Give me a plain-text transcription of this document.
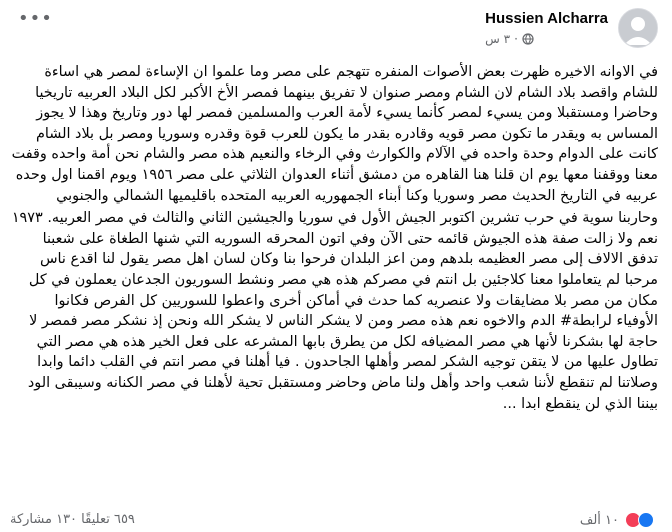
•••	Hussien Alcharra
٣ س ·

في الاوانه الاخيره ظهرت بعض الأصوات المنفره تتهجم على مصر وما علموا ان الإساءة لمصر هي اساءة للشام واقصد بلاد الشام لان الشام ومصر صنوان لا تفريق بينهما فمصر الأخ الأكبر لكل البلاد العربيه تاريخيا وحاضرا ومستقبلا ومن يسيء لمصر كأنما يسيء لأمة العرب والمسلمين فمصر لها دور وتاريخ وهذا لا يجوز المساس به ويقدر ما تكون مصر قويه وقادره بقدر ما يكون للعرب قوة وقدره وسوريا ومصر بل بلاد الشام كانت على الدوام وحدة واحده في الآلام والكوارث وفي الرخاء والنعيم هذه مصر والشام نحن أمة واحده وقفت معنا ووقفنا معها يوم ان قلنا هنا القاهره من دمشق أثناء العدوان الثلاثي على مصر ١٩٥٦ ويوم اقمنا اول وحده عربيه في التاريخ الحديث مصر وسوريا وكنا أبناء الجمهوريه العربيه المتحده باقليميها الشمالي والجنوبي

وحاربنا سوية في حرب تشرين اكتوبر الجيش الأول في سوريا والجيشين الثاني والثالث في مصر العربيه. ١٩٧٣ نعم ولا زالت صفة هذه الجيوش قائمه حتى الآن وفي اتون المحرقه السوريه التي شنها الطغاة على شعبنا تدفق الالاف إلى مصر العظيمه بلدهم ومن اعز البلدان فرحوا بنا وكان لسان اهل مصر يقول لنا اقدع ناس مرحبا لم يتعاملوا معنا كلاجئين بل انتم في مصركم هذه هي مصر ونشط السوريون الجدعان يعملون في كل مكان من مصر بلا مضايقات ولا عنصريه كما حدث في أماكن أخرى واعطوا للسوريين كل الفرص فكانوا الأوفياء لرابطة# الدم والاخوه نعم هذه مصر ومن لا يشكر الناس لا يشكر الله ونحن إذ نشكر مصر فمصر لا حاجة لها بشكرنا لأنها هي مصر المضيافه لكل من يطرق بابها المشرعه على فعل الخير هذه هي مصر التي تطاول عليها من لا يتقن توجيه الشكر لمصر وأهلها الجاحدون . فيا أهلنا في مصر انتم في القلب دائما وابدا وصلاتنا لم تنقطع لأننا شعب واحد وأهل ولنا ماض وحاضر ومستقبل تحية لأهلنا في مصر الكنانه وسيبقى الود بيننا الذي لن ينقطع ابدا ...

١٠ ألف
٦٥٩ تعليقًا ١٣٠ مشاركة
